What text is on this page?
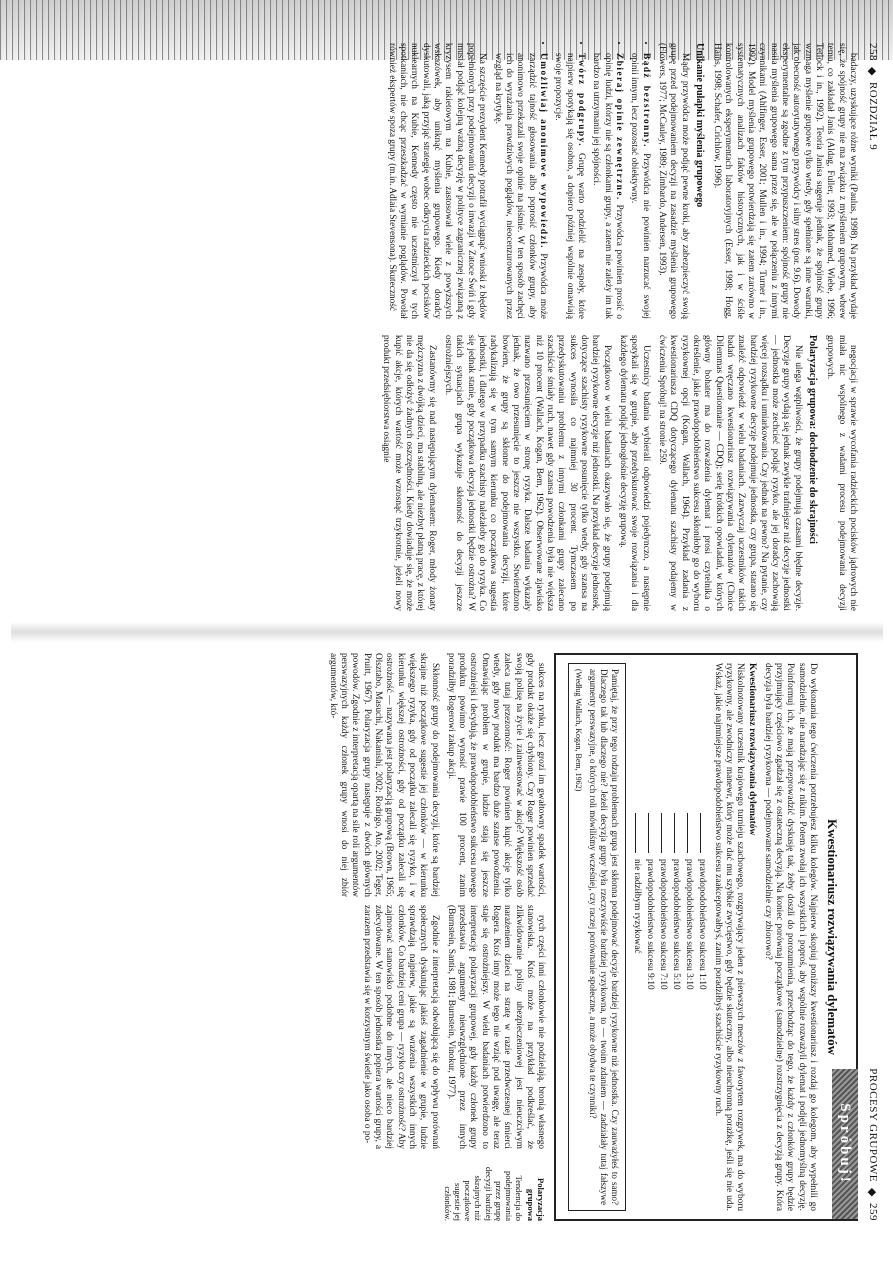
258
◆
ROZDZIAŁ 9

badaczy, uzyskujące różne wyniki (Paulus, 1998). Na przykład wydaje się, że spójność grupy nie ma związku z myśleniem grupowym, wbrew temu, co zakładał Janis (Aldag, Fuller, 1993; Mohamed, Wiebe, 1996; Tetlock i in., 1992). Teoria Janisa sugeruje jednak, że spójność grupy wzmaga myślenie grupowe tylko wtedy, gdy spełnione są inne warunki, jak obecność autorytatywnego przywódcy i silny stres (por. 9.6). Dowody eksperymentalne są zgodne z tym przypuszczeniem: spójność grupy nie nasila myślenia grupowego sama przez się, ale w połączeniu z innymi czynnikami (Ahlfinger, Esser, 2001; Mullen i in., 1994; Turner i in., 1992). Model myślenia grupowego potwierdzają się zatem zarówno w systematycznych analizach faktów historycznych, jak i w ściśle kontrolowanych eksperymentach laboratoryjnych (Esser, 1998; Hogg, Hains, 1998; Schafer, Crichlow, 1996).

Unikanie pułapki myślenia grupowego

Mądry przywódca może podjąć pewne kroki, aby zabezpieczyć swoją grupę przed podejmowaniem decyzji na zasadzie myślenia grupowego (Flowers, 1977; McCauley, 1989; Zimbardo, Andersen, 1993).

• Bądź bezstronny. Przywódca nie powinien narzucać swojej opinii innym, lecz pozostać obiektywny.
• Zbieraj opinie zewnętrzne. Przywódca powinien prosić o opinię ludzi, którzy nie są członkami grupy, a zatem nie zależy im tak bardzo na utrzymaniu jej spójności.
• Twórz podgrupy. Grupę warto podzielić na zespoły, które najpierw spotykają się osobno, a dopiero później wspólnie omawiają swoje propozycje.
• Umożliwiaj anonimowe wypowiedzi. Przywódca może zarządzić tajność głosowania albo poprosić członków grupy, aby anonimowo przekazali swoje opinie na piśmie. W ten sposób zachęci ich do wyrażania prawdziwych poglądów, nieocenzurowanych przez wzgląd na krytykę.

Na szczęście prezydent Kennedy potrafił wyciągnąć wnioski z błędów popełnionych przy podejmowaniu decyzji o inwazji w Zatoce Świń i gdy musiał podjąć kolejną ważną decyzję w polityce zagranicznej związaną z kryzysem rakietowym na Kubie, zastosował wiele z powyższych wskazówek, aby uniknąć myślenia grupowego. Kiedy doradcy dyskutowali, jaką przyjąć strategię wobec odkrycia radzieckich pocisków nuklearnych na Kubie, Kennedy często nie uczestniczył w tych spotkaniach, nie chcąc przeszkadzać w wymianie poglądów. Powołał również ekspertów spoza grupy (m.in. Adlaia Stevensona). Skuteczność

negocjacji w sprawie wycofania radzieckich pocisków jądrowych nie miała nic wspólnego z wadami procesu podejmowania decyzji grupowych.

Polaryzacja grupowa: dochodzenie do skrajności

Nie ulega wątpliwości, że grupy podejmują czasami błędne decyzje. Decyzje grupy wydają się jednak zwykle trafniejsze niż decyzje jednostki — jednostka może zechcieć podjąć ryzyko, ale jej doradcy zachowają więcej rozsądku i umiarkowania. Czy jednak na pewno? Na pytanie, czy bardziej ryzykowne decyzje podejmuje jednostka, czy grupa, starano się znaleźć odpowiedź w wielu badaniach. Zazwyczaj uczestników takich badań wręczano kwestionariusz rozwiązywania dylematów (Choice Dilemmas Questionnaire — CDQ); serię krótkich opowiadań, w których główny bohater ma do rozważenia dylemat i prosi czytelnika o określenie, jakie prawdopodobieństwo sukcesu skłoniłoby go do wyboru ryzykownej opcji (Kogan, Wallach, 1964). Przykład zadania z kwestionariusza CDQ dotyczącego dylematu szachisty podajemy w ćwiczeniu Spróbuj! na stronie 259.

Uczestnicy badania wybierali odpowiedzi pojedynczo, a następnie spotykali się w grupie, aby przedyskutować swoje rozwiązania i dla każdego dylematu podjąć jednogłośnie decyzję grupową.

Początkowo w wielu badaniach okazywało się, że grupy podejmują bardziej ryzykowne decyzje niż jednostki. Na przykład decyzje jednostek, dotyczące szachisty ryzykowne posunięcie tylko wtedy, gdy szansa na sukces wynosiła co najmniej 30 procent. Tymczasem po przedyskutowaniu problemu z innymi członkami grupy zalecano szachiście śmiały ruch, nawet gdy szansa powodzenia była nie większa niż 10 procent (Wallach, Kogan, Bem, 1962). Obserwowane zjawisko nazwano przesunięciem w stronę ryzyka. Dalsze badania wykazały jednak, że owo przesunięcie to jeszcze nie wszystko. Stwierdzono bowiem, że grupy są skłonne do podejmowania decyzji, które radykalizują się w tym samym kierunku co początkowa sugestia jednostki, i dlatego w przypadku szachisty należałoby go do ryzyka. Co się jednak stanie, gdy początkowa decyzja jednostki będzie ostrożna? W takich sytuacjach grupa wykazuje skłonność do decyzji jeszcze ostrożniejszych.

Zastanówmy się nad następującym dylematem: Roger, młody żonaty mężczyzna z dwójką dzieci, ma stabilną, ale niezbyt płatną pracę, z której nie da się odłożyć żadnych oszczędności. Kiedy dowiaduje się, że może kupić akcje, których wartość może wzrosnąć trzykrotnie, jeżeli nowy produkt przedsiębiorstwa osiągnie

PROCESY GRUPOWE
◆
259
Spróbuj!
Kwestionariusz rozwiązywania dylematów

Do wykonania tego ćwiczenia potrzebujesz kilku kolegów. Najpierw skopiuj poniższy kwestionariusz i rozdaj go kolegom, aby wypełnili go samodzielnie, nie naradzając się z nikim. Potem zwołaj ich wszystkich i poproś, aby wspólnie rozważyli dylemat i podjęli jednomyślną decyzję. Poinformuj ich, że mają przeprowadzić dyskusję tak, żeby doszli do porozumienia, przechodząc do tego, że każdy z członków grupy będzie przyjmujący częściowo zgadzał się z ostateczną decyzją. Na koniec porównaj początkowe (samodzielne) rozstrzygnięcia z decyzją grupy. Która decyzja była bardziej ryzykowna — podejmowane samodzielnie czy zbiorowo?

Kwestionariusz rozwiązywania dylematów

Niskolnotowany uczestnik krajowego turnieju szachowego, rozgrywający jeden z pierwszych meczów z faworytem rozgrywek, ma do wyboru ryzykowny, ale zwodniczy manewr, który może dać mu szybkie zwycięstwo, gdy będzie skuteczny, albo nieuchronną porażkę, jeśli się nie uda. Wskaż, jakie najmniejsze prawdopodobieństwo sukcesu zaakceptowałbyś, zanim poradziłbyś szachiście ryzykowny ruch.

prawdopodobieństwo sukcesu 1:10
prawdopodobieństwo sukcesu 3:10
prawdopodobieństwo sukcesu 5:10
prawdopodobieństwo sukcesu 7:10
prawdopodobieństwo sukcesu 9:10
nie radziłbym ryzykować

Pamiętaj, że przy tego rodzaju problemach grupa jest skłonna podejmować decyzje bardziej ryzykowne niż jednostka. Czy zauważyłeś to samo? Dlaczego tak lub dlaczego nie? Jeżeli decyzja grupy była rzeczywiście bardziej ryzykowna, to — twoim zdaniem — zadziałały tutaj fałszywe argumenty perswazyjne, o których roli mówiliśmy wcześniej, czy raczej porównanie społeczne, a może obydwa te czynniki?

(Według Wallach, Kogan, Bem, 1962)

sukces na rynku, lecz grozi im gwałtowny spadek wartości, gdy produkt okaże się chybiony. Czy Roger powinien sprzedać swoją polisę na życie i zainwestować w akcje? Większość osób zaleca tutaj przezorność: Roger powinien kupić akcje tylko wtedy, gdy nowy produkt ma bardzo duże szanse powodzenia. Omawiając problem w grupie, ludzie stają się jeszcze ostrożniejsi i decydują, że prawdopodobieństwo sukcesu nowego produktu powinno wynosić prawie 100 procent, zanim poradziłby Rogerowi zakup akcji.

Skłonność grupy do podejmowania decyzji, które są bardziej skrajne niż początkowe sugestie jej członków — w kierunku większego ryzyka, gdy od początku zalecali się ryzyko, i w kierunku większej ostrożności, gdy od początku zalecali się ostrożność — nazywana jest polaryzacją grupową (Brown, 1965; Olsztabo, Masuchi, Nakanishi, 2002; Rodrigo, Ato, 2002; Teger, Pruitt, 1967). Polaryzacja grupy następuje z dwóch głównych powodów. Zgodnie z interpretacją opartą na sile roli argumentów perswazyjnych każdy członek grupy wnosi do niej zbiór argumentów, któ-

rych części inni członkowie nie podzielają, bronią własnego stanowiska. Ktoś może na przykład podkreślać, że zlikwidowanie polisy ubezpieczeniowej jest nieuczciwym narażeniem dzieci na stratę w razie przedwczesnej śmierci Rogera. Ktoś inny może tego nie wziąć pod uwagę, ale teraz staje się ostrożniejszy. W wielu badaniach potwierdzono to interpretację polaryzacji grupowej, gdy każdy członek grupy przedstawia argumenty nieuwzględnione przez innych (Burnstein, Santis, 1981; Burnstein, Vinokur, 1977).

Zgodnie z interpretacją odwołującą się do wpływu porównań społecznych dyskutując jakieś zagadnienie w grupie, ludzie sprawdzają najpierw, jakie są wrażenia wszystkich innych członków. Co bardziej ceni grupa — ryzyko czy ostrożność? Aby zajmować stanowisko podobne do innych, ale nieco bardziej zdecydowane. W ten sposób jednostka popiera wartości grupy, a zarazem przedstawia się w korzystnym świetle jako osoba o po-

Polaryzacja grupowa
Tendencja do podejmowania przez grupę decyzji bardziej skrajnych niż początkowe sugestie jej członków.
